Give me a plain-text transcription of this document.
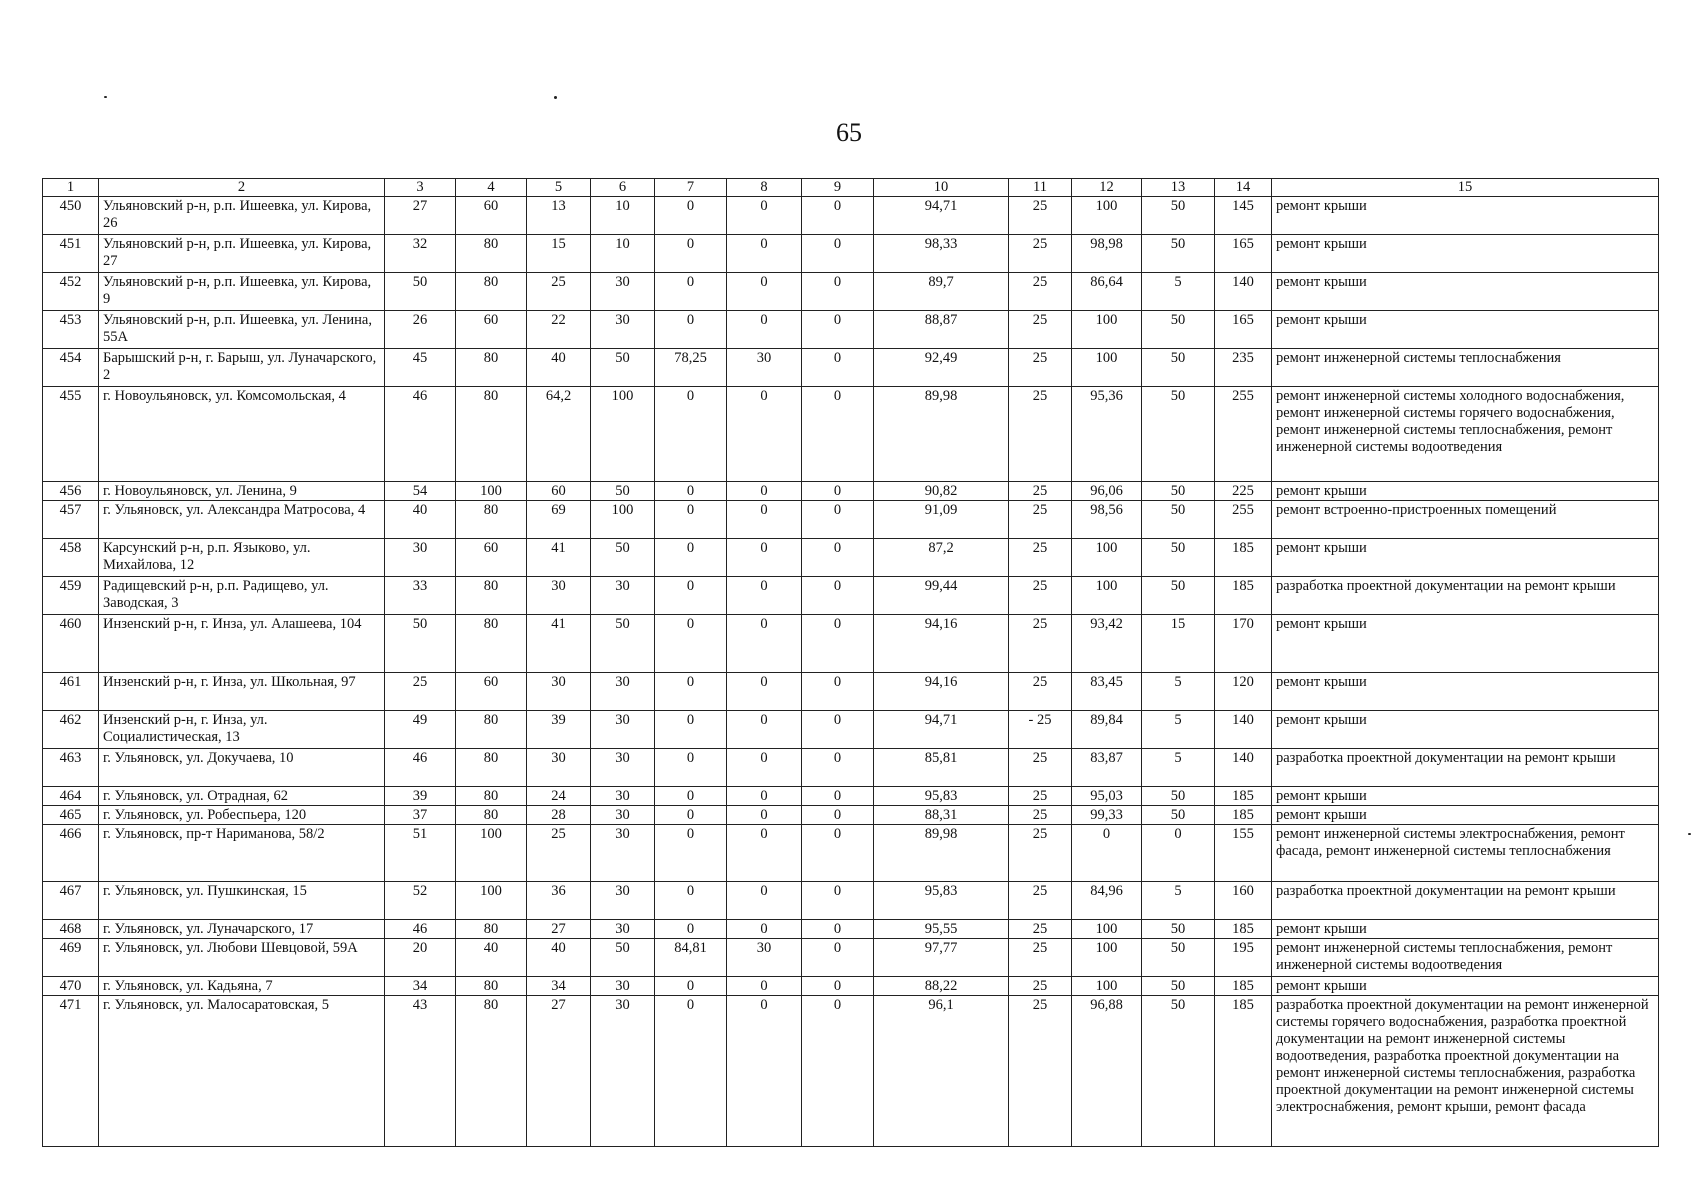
65
1	2	3	4	5	6	7	8	9	10	11	12	13	14	15
450	Ульяновский р-н, р.п. Ишеевка, ул. Кирова, 26	27	60	13	10	0	0	0	94,71	25	100	50	145	ремонт крыши
451	Ульяновский р-н, р.п. Ишеевка, ул. Кирова, 27	32	80	15	10	0	0	0	98,33	25	98,98	50	165	ремонт крыши
452	Ульяновский р-н, р.п. Ишеевка, ул. Кирова, 9	50	80	25	30	0	0	0	89,7	25	86,64	5	140	ремонт крыши
453	Ульяновский р-н, р.п. Ишеевка, ул. Ленина, 55А	26	60	22	30	0	0	0	88,87	25	100	50	165	ремонт крыши
454	Барышский р-н, г. Барыш, ул. Луначарского, 2	45	80	40	50	78,25	30	0	92,49	25	100	50	235	ремонт инженерной системы теплоснабжения
455	г. Новоульяновск, ул. Комсомольская, 4	46	80	64,2	100	0	0	0	89,98	25	95,36	50	255	ремонт инженерной системы холодного водоснабжения, ремонт инженерной системы горячего водоснабжения, ремонт инженерной системы теплоснабжения, ремонт инженерной системы водоотведения
456	г. Новоульяновск, ул. Ленина, 9	54	100	60	50	0	0	0	90,82	25	96,06	50	225	ремонт крыши
457	г. Ульяновск, ул. Александра Матросова, 4	40	80	69	100	0	0	0	91,09	25	98,56	50	255	ремонт встроенно-пристроенных помещений
458	Карсунский р-н, р.п. Языково, ул. Михайлова, 12	30	60	41	50	0	0	0	87,2	25	100	50	185	ремонт крыши
459	Радищевский р-н, р.п. Радищево, ул. Заводская, 3	33	80	30	30	0	0	0	99,44	25	100	50	185	разработка проектной документации на ремонт крыши
460	Инзенский р-н, г. Инза, ул. Алашеева, 104	50	80	41	50	0	0	0	94,16	25	93,42	15	170	ремонт крыши
461	Инзенский р-н, г. Инза, ул. Школьная, 97	25	60	30	30	0	0	0	94,16	25	83,45	5	120	ремонт крыши
462	Инзенский р-н, г. Инза, ул. Социалистическая, 13	49	80	39	30	0	0	0	94,71	- 25	89,84	5	140	ремонт крыши
463	г. Ульяновск, ул. Докучаева, 10	46	80	30	30	0	0	0	85,81	25	83,87	5	140	разработка проектной документации на ремонт крыши
464	г. Ульяновск, ул. Отрадная, 62	39	80	24	30	0	0	0	95,83	25	95,03	50	185	ремонт крыши
465	г. Ульяновск, ул. Робеспьера, 120	37	80	28	30	0	0	0	88,31	25	99,33	50	185	ремонт крыши
466	г. Ульяновск, пр-т Нариманова, 58/2	51	100	25	30	0	0	0	89,98	25	0	0	155	ремонт инженерной системы электроснабжения, ремонт фасада, ремонт инженерной системы теплоснабжения
467	г. Ульяновск, ул. Пушкинская, 15	52	100	36	30	0	0	0	95,83	25	84,96	5	160	разработка проектной документации на ремонт крыши
468	г. Ульяновск, ул. Луначарского, 17	46	80	27	30	0	0	0	95,55	25	100	50	185	ремонт крыши
469	г. Ульяновск, ул. Любови Шевцовой, 59А	20	40	40	50	84,81	30	0	97,77	25	100	50	195	ремонт инженерной системы теплоснабжения, ремонт инженерной системы водоотведения
470	г. Ульяновск, ул. Кадьяна, 7	34	80	34	30	0	0	0	88,22	25	100	50	185	ремонт крыши
471	г. Ульяновск, ул. Малосаратовская, 5	43	80	27	30	0	0	0	96,1	25	96,88	50	185	разработка проектной документации на ремонт инженерной системы горячего водоснабжения, разработка проектной документации на ремонт инженерной системы водоотведения, разработка проектной документации на ремонт инженерной системы теплоснабжения, разработка проектной документации на ремонт инженерной системы электроснабжения, ремонт крыши, ремонт фасада
